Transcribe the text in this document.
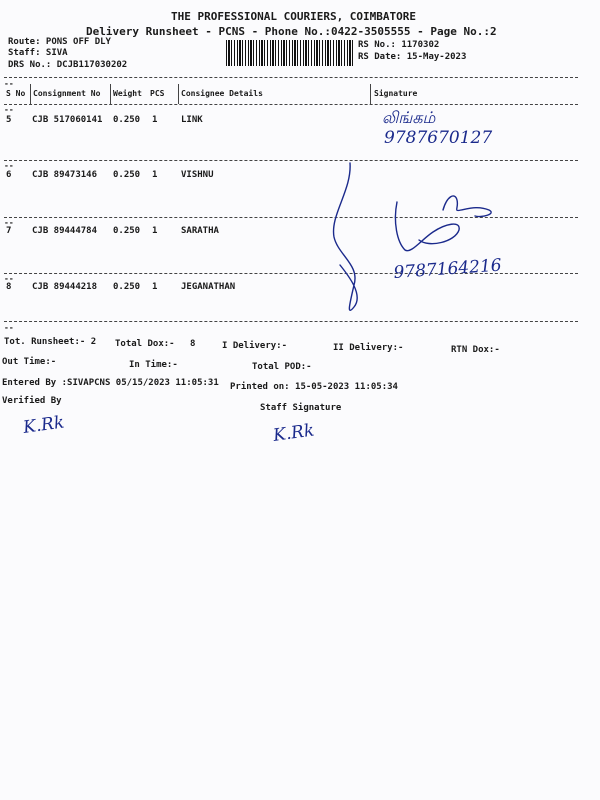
THE PROFESSIONAL COURIERS, COIMBATORE
Delivery Runsheet - PCNS - Phone No.:0422-3505555 - Page No.:2
Route: PONS OFF DLY
Staff: SIVA
DRS No.: DCJB117030202
RS No.: 1170302
RS Date: 15-May-2023
--
S No Consignment No Weight PCS Consignee Details	Signature
--
5 CJB 517060141 0.250 1	LINK
--
6 CJB 89473146 0.250 1	VISHNU
--
7 CJB 89444784 0.250 1	SARATHA
--
8 CJB 89444218 0.250 1	JEGANATHAN
--
Tot. Runsheet:- 2 Total Dox:- 8	I Delivery:-	II Delivery:-	RTN Dox:-
Out Time:-	In Time:-	Total POD:-
Entered By :SIVAPCNS 05/15/2023 11:05:31 Printed on: 15-05-2023 11:05:34
Verified By
Staff Signature
லிங்கம்
9787670127
9787164216
K.Rk	K.Rk
